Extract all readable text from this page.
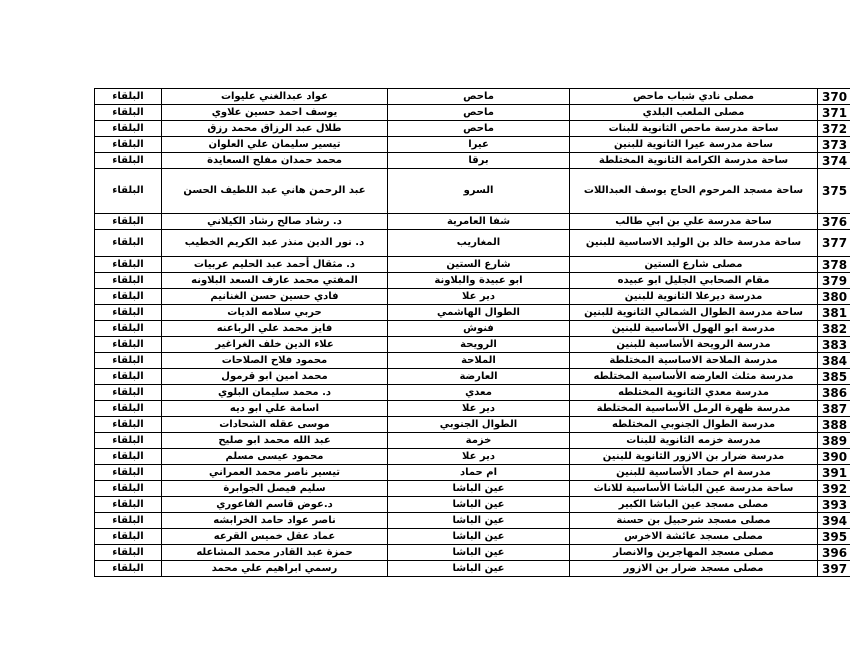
البلقاء	عواد عبدالغني عليوات	ماحص	مصلى نادي شباب ماحص	370
البلقاء	يوسف احمد حسين علاوي	ماحص	مصلى الملعب البلدي	371
البلقاء	طلال عبد الرزاق محمد رزق	ماحص	ساحة مدرسة ماحص الثانوية للبنات	372
البلقاء	تيسير سليمان علي العلوان	عيرا	ساحة مدرسة عيرا الثانوية للبنين	373
البلقاء	محمد حمدان مفلح السعايدة	برقا	ساحة مدرسة الكرامة الثانوية المختلطة	374
البلقاء	عبد الرحمن هاني عبد اللطيف الحسن	السرو	ساحة مسجد المرحوم الحاج يوسف العبداللات	375
البلقاء	د. رشاد صالح رشاد الكيلاني	شفا العامرية	ساحة مدرسة علي بن ابي طالب	376
البلقاء	د. نور الدين منذر عبد الكريم الخطيب	المغاريب	ساحة مدرسة خالد بن الوليد الاساسية للبنين	377
البلقاء	د. مثقال أحمد عبد الحليم عربيات	شارع الستين	مصلى شارع الستين	378
البلقاء	المفتي محمد عارف السعد البلاونه	ابو عبيدة والبلاونة	مقام الصحابي الجليل ابو عبيده	379
البلقاء	فادي حسين حسن الغنانيم	دير علا	مدرسة ديرعلا الثانوية للبنين	380
البلقاء	حربي سلامه الديات	الطوال الهاشمي	ساحة مدرسة الطوال الشمالي الثانوية للبنين	381
البلقاء	فايز محمد علي الرباعنه	فنوش	مدرسة ابو الهول الأساسية للبنين	382
البلقاء	علاء الدين خلف الغراغير	الرويحة	مدرسة الرويحة الأساسية للبنين	383
البلقاء	محمود فلاح الصلاحات	الملاحة	مدرسة الملاحة الاساسية المختلطة	384
البلقاء	محمد امين ابو قرمول	العارضة	مدرسة مثلث العارضه الأساسية المختلطه	385
البلقاء	د. محمد سليمان البلوي	معدي	مدرسة معدي الثانوية المختلطه	386
البلقاء	اسامة علي ابو ديه	دير علا	مدرسة ظهرة الرمل الأساسية المختلطة	387
البلقاء	موسى عقله الشحادات	الطوال الجنوبي	مدرسة الطوال الجنوبي المختلطه	388
البلقاء	عبد الله محمد ابو صليح	خزمة	مدرسة خزمه الثانوية للبنات	389
البلقاء	محمود عيسى مسلم	دير علا	مدرسة ضرار بن الازور الثانوية للبنين	390
البلقاء	تيسير ناصر محمد العمراني	ام حماد	مدرسة ام حماد الأساسية للبنين	391
البلقاء	سليم فيصل الجوابرة	عين الباشا	ساحة مدرسة عين الباشا الأساسية للاناث	392
البلقاء	د.عوض قاسم الفاعوري	عين الباشا	مصلى مسجد عين الباشا الكبير	393
البلقاء	ناصر عواد حامد الخرابشه	عين الباشا	مصلى مسجد شرحبيل بن حسنة	394
البلقاء	عماد عقل خميس القرعه	عين الباشا	مصلى مسجد عائشة الاخرس	395
البلقاء	حمزة عبد القادر محمد المشاعله	عين الباشا	مصلى مسجد المهاجرين والانصار	396
البلقاء	رسمي ابراهيم علي محمد	عين الباشا	مصلى مسجد ضرار بن الازور	397
